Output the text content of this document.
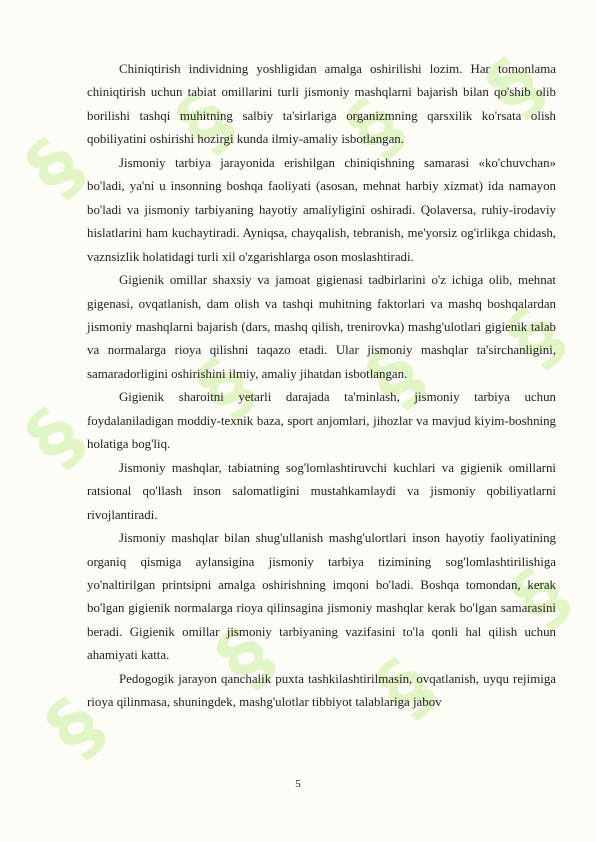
§ § § §
§
§ § §
§
§ §
§

Chiniqtirish individning yoshligidan amalga oshirilishi lozim. Har tomonlama chiniqtirish uchun tabiat omillarini turli jismoniy mashqlarni bajarish bilan qo'shib olib borilishi tashqi muhitning salbiy ta'sirlariga organizmning qarsxilik ko'rsata olish qobiliyatini oshirishi hozirgi kunda ilmiy-amaliy isbotlangan.

Jismoniy tarbiya jarayonida erishilgan chiniqishning samarasi «ko'chuvchan» bo'ladi, ya'ni u insonning boshqa faoliyati (asosan, mehnat harbiy xizmat) ida namayon bo'ladi va jismoniy tarbiyaning hayotiy amaliyligini oshiradi. Qolaversa, ruhiy-irodaviy hislatlarini ham kuchaytiradi. Ayniqsa, chayqalish, tebranish, me'yorsiz og'irlikga chidash, vaznsizlik holatidagi turli xil o'zgarishlarga oson moslashtiradi.

Gigienik omillar shaxsiy va jamoat gigienasi tadbirlarini o'z ichiga olib, mehnat gigenasi, ovqatlanish, dam olish va tashqi muhitning faktorlari va mashq boshqalardan jismoniy mashqlarni bajarish (dars, mashq qilish, trenirovka) mashg'ulotlari gigienik talab va normalarga rioya qilishni taqazo etadi. Ular jismoniy mashqlar ta'sirchanligini, samaradorligini oshirishini ilmiy, amaliy jihatdan isbotlangan.

Gigienik sharoitni yetarli darajada ta'minlash, jismoniy tarbiya uchun foydalaniladigan moddiy-texnik baza, sport anjomlari, jihozlar va mavjud kiyim-boshning holatiga bog'liq.

Jismoniy mashqlar, tabiatning sog'lomlashtiruvchi kuchlari va gigienik omillarni ratsional qo'llash inson salomatligini mustahkamlaydi va jismoniy qobiliyatlarni rivojlantiradi.

Jismoniy mashqlar bilan shug'ullanish mashg'ulortlari inson hayotiy faoliyatining organiq qismiga aylansigina jismoniy tarbiya tizimining sog'lomlashtirilishiga yo'naltirilgan printsipni amalga oshirishning imqoni bo'ladi. Boshqa tomondan, kerak bo'lgan gigienik normalarga rioya qilinsagina jismoniy mashqlar kerak bo'lgan samarasini beradi. Gigienik omillar jismoniy tarbiyaning vazifasini to'la qonli hal qilish uchun ahamiyati katta.

Pedogogik jarayon qanchalik puxta tashkilashtirilmasin, ovqatlanish, uyqu rejimiga rioya qilinmasa, shuningdek, mashg'ulotlar tibbiyot talablariga jabov

5
